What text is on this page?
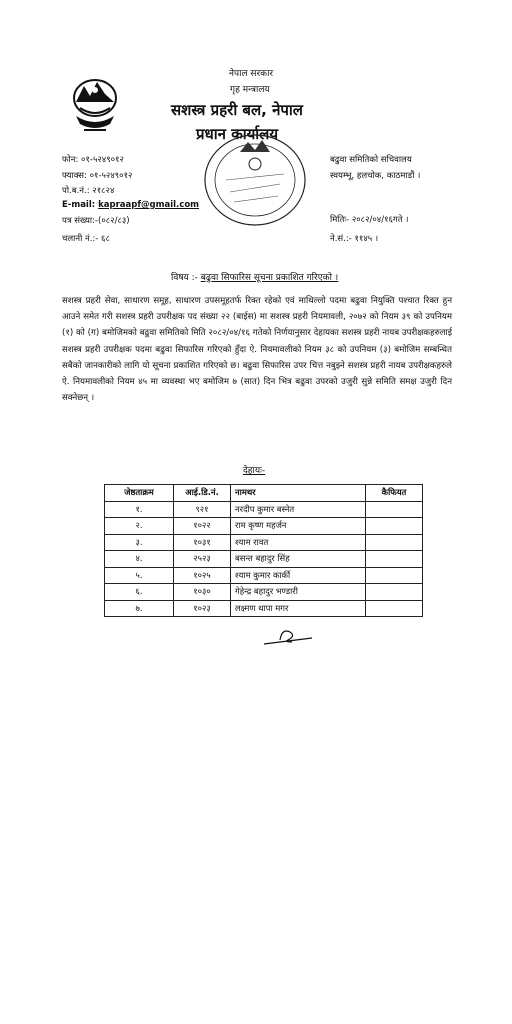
नेपाल सरकार
गृह मन्त्रालय
सशस्त्र प्रहरी बल, नेपाल
प्रधान कार्यालय
फोन: ०१-५२४९०१२
फ्याक्स: ०१-५२४९०१२
पो.ब.नं.: २१८२४
E-mail: kapraapf@gmail.com
पत्र संख्या:-(०८२/८३)
चलानी नं.:- ६८
बढुवा समितिको सचिवालय
स्वयम्भू, हलचोक, काठमाडौं ।
मितिः- २०८२/०४/१६गते ।
ने.सं.:- ११४५ ।
विषय :- बढुवा सिफारिस सूचना प्रकाशित गरिएको ।
सशस्त्र प्रहरी सेवा, साधारण समूह, साधारण उपसमूहतर्फ रिक्त रहेको एवं माथिल्लो पदमा बढुवा नियुक्ति पश्चात रिक्त हुन आउने समेत गरी सशस्त्र प्रहरी उपरीक्षक पद संख्या २२ (बाईस) मा सशस्त्र प्रहरी नियमावली, २०७२ को नियम ३९ को उपनियम (१) को (ग) बमोजिमको बढुवा समितिको मिति २०८२/०४/१६ गतेको निर्णयानुसार देहायका सशस्त्र प्रहरी नायब उपरीक्षकहरुलाई सशस्त्र प्रहरी उपरीक्षक पदमा बढुवा सिफारिस गरिएको हुँदा ऐ. नियमावलीको नियम ३८ को उपनियम (३) बमोजिम सम्बन्धित सबैको जानकारीको लागि यो सूचना प्रकाशित गरिएको छ। बढुवा सिफारिस उपर चित्त नबुझ्ने सशस्त्र प्रहरी नायब उपरीक्षकहरुले ऐ. नियमावलीको नियम ४५ मा व्यवस्था भए बमोजिम ७ (सात) दिन भित्र बढुवा उपरको उजुरी सुन्ने समिति समक्ष उजुरी दिन सक्नेछन् ।
देहायः-
जेष्ठताक्रम	आई.डि.नं.	नामथर	कैफियत
१.	९२१	नरदीप कुमार बस्नेत	
२.	१०२२	राम कृष्ण महर्जन	
३.	१०३१	श्याम रावत	
४.	२५२३	बसन्त बहादुर सिंह	
५.	१०२५	श्याम कुमार कार्की	
६.	१०३०	गेहेन्द्र बहादुर भण्डारी	
७.	१०२३	लक्ष्मण थापा मगर	
